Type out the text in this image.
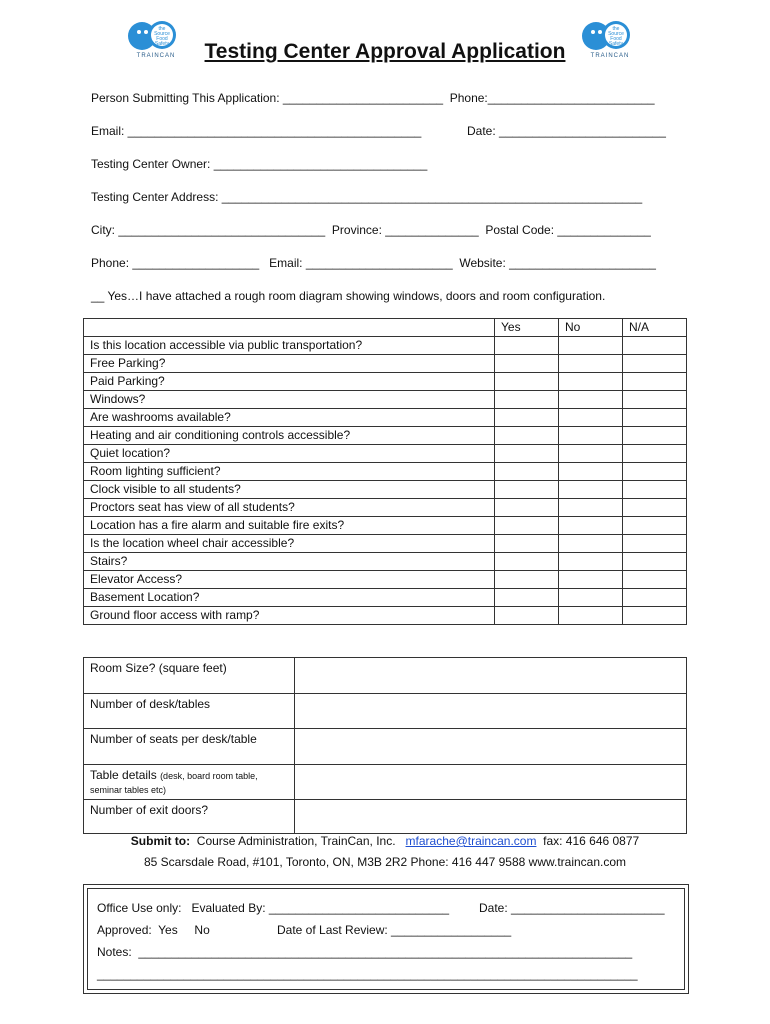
the
Source
Food
Safety
TRAINCAN
the
Source
Food
Safety
TRAINCAN
Testing Center Approval Application
Person Submitting This Application: ________________________  Phone:_________________________
Email: ____________________________________________	Date: _________________________
Testing Center Owner: ________________________________
Testing Center Address: _______________________________________________________________
City: _______________________________  Province: ______________  Postal Code: ______________
Phone: ___________________   Email: ______________________  Website: ______________________
__ Yes…I have attached a rough room diagram showing windows, doors and room configuration.
	Yes	No	N/A
Is this location accessible via public transportation?			
Free Parking?			
Paid Parking?			
Windows?			
Are washrooms available?			
Heating and air conditioning controls accessible?			
Quiet location?			
Room lighting sufficient?			
Clock visible to all students?			
Proctors seat has view of all students?			
Location has a fire alarm and suitable fire exits?			
Is the location wheel chair accessible?			
Stairs?			
Elevator Access?			
Basement Location?			
Ground floor access with ramp?			
Room Size? (square feet)	
Number of desk/tables	
Number of seats per desk/table	
Table details (desk, board room table,
seminar tables etc)	
Number of exit doors?	
Submit to:  Course Administration, TrainCan, Inc.   mfarache@traincan.com  fax: 416 646 0877
85 Scarsdale Road, #101, Toronto, ON, M3B 2R2 Phone: 416 447 9588 www.traincan.com
Office Use only:   Evaluated By: ___________________________ Date: _______________________
Approved:  Yes     No	Date of Last Review: __________________
Notes:  __________________________________________________________________________
_________________________________________________________________________________
